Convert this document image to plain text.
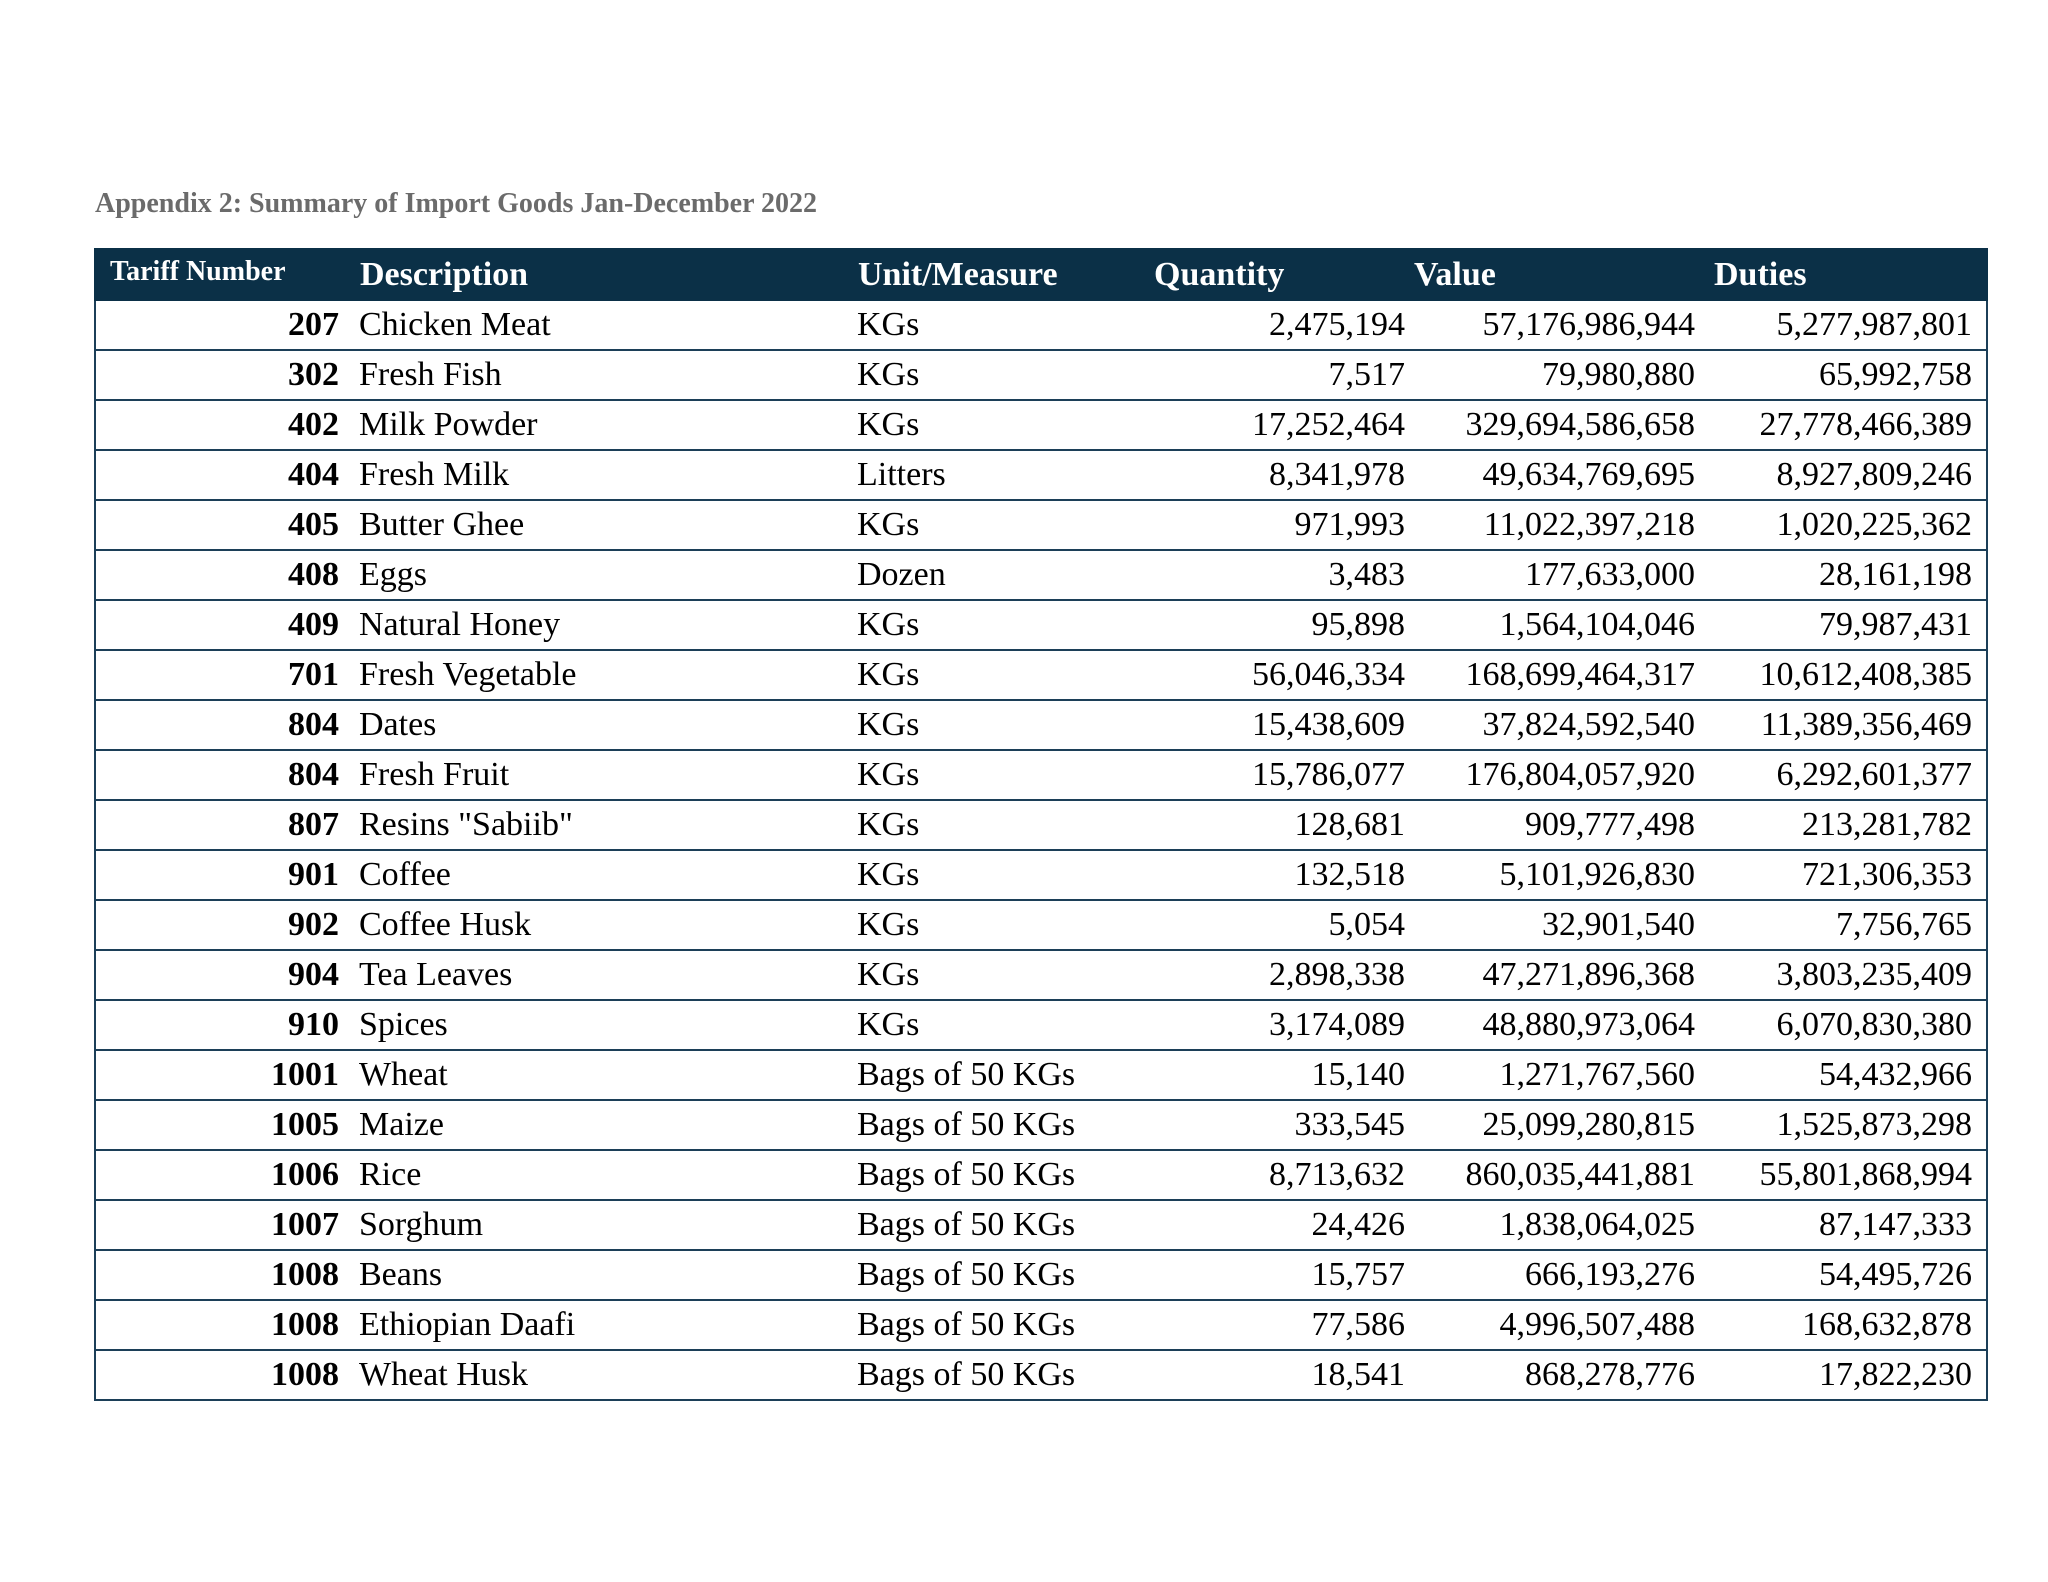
Appendix 2: Summary of Import Goods Jan-December 2022
Tariff Number	Description	Unit/Measure	Quantity	Value	Duties
207	Chicken Meat	KGs	2,475,194	57,176,986,944	5,277,987,801
302	Fresh Fish	KGs	7,517	79,980,880	65,992,758
402	Milk Powder	KGs	17,252,464	329,694,586,658	27,778,466,389
404	Fresh Milk	Litters	8,341,978	49,634,769,695	8,927,809,246
405	Butter Ghee	KGs	971,993	11,022,397,218	1,020,225,362
408	Eggs	Dozen	3,483	177,633,000	28,161,198
409	Natural Honey	KGs	95,898	1,564,104,046	79,987,431
701	Fresh Vegetable	KGs	56,046,334	168,699,464,317	10,612,408,385
804	Dates	KGs	15,438,609	37,824,592,540	11,389,356,469
804	Fresh Fruit	KGs	15,786,077	176,804,057,920	6,292,601,377
807	Resins "Sabiib"	KGs	128,681	909,777,498	213,281,782
901	Coffee	KGs	132,518	5,101,926,830	721,306,353
902	Coffee Husk	KGs	5,054	32,901,540	7,756,765
904	Tea Leaves	KGs	2,898,338	47,271,896,368	3,803,235,409
910	Spices	KGs	3,174,089	48,880,973,064	6,070,830,380
1001	Wheat	Bags of 50 KGs	15,140	1,271,767,560	54,432,966
1005	Maize	Bags of 50 KGs	333,545	25,099,280,815	1,525,873,298
1006	Rice	Bags of 50 KGs	8,713,632	860,035,441,881	55,801,868,994
1007	Sorghum	Bags of 50 KGs	24,426	1,838,064,025	87,147,333
1008	Beans	Bags of 50 KGs	15,757	666,193,276	54,495,726
1008	Ethiopian Daafi	Bags of 50 KGs	77,586	4,996,507,488	168,632,878
1008	Wheat Husk	Bags of 50 KGs	18,541	868,278,776	17,822,230
